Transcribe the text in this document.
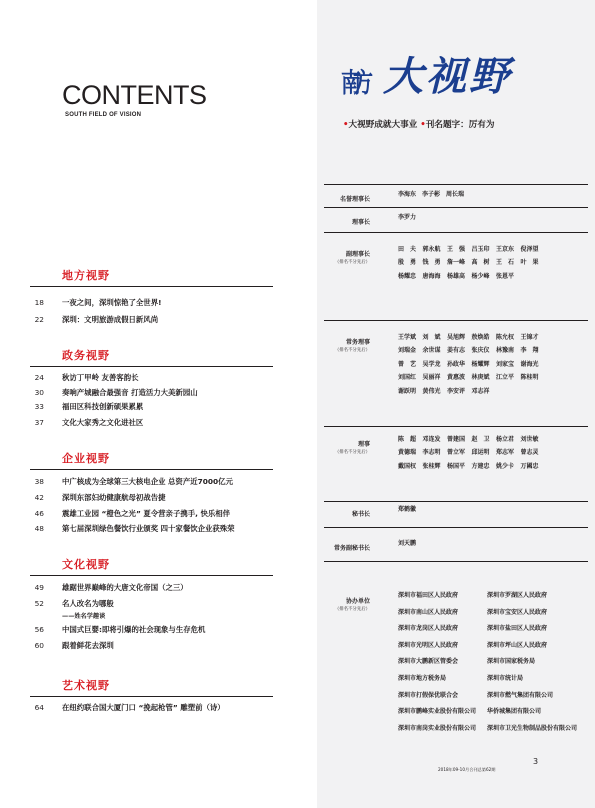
CONTENTS
SOUTH FIELD OF VISION
地方视野
18 一夜之间，深圳惊艳了全世界!
22 深圳：文明旅游成假日新风尚
政务视野
24 秋访丁甲岭 友善客韵长
30 奏响产城融合最强音 打造活力大美新园山
33 福田区科技创新硕果累累
37 文化大家秀之文化进社区
企业视野
38 中广核成为全球第三大核电企业 总资产近7000亿元
42 深圳东部妇幼健康航母初战告捷
46 震雄工业园 “橙色之光” 夏令营亲子携手, 快乐相伴
48 第七届深圳绿色餐饮行业颁奖 四十家餐饮企业获殊荣
文化视野
49 雄踞世界巅峰的大唐文化帝国（之三）
52 名人改名为哪般
——姓名学趣谈
56 中国式巨婴:即将引爆的社会现象与生存危机
60 跟着鲜花去深圳
艺术视野
64 在纽约联合国大厦门口 “挽起枪管” 雕塑前（诗）
南方 大视野
•大视野成就大事业 •刊名题字：厉有为
名誉理事长
李海东 李子彬 周长瑞
理事长
李罗力
副理事长
（排名不分先后）
田　夫	郭永航	王　强	吕玉印	王京东	倪泽望
殷　勇	钱　勇	詹一峰	高　树	王　石	叶　果
杨耀忠	唐海海	杨雄高	杨少峰	张恩平
常务理事
（排名不分先后）
王学斌	刘　斌	吴旭辉	敖焕皓	陈允权	王锦才
刘瑞金	余世谋	姜有志	张庆仪	林豫南	李　翔
曾　艺	吴学龙	孙政华	杨耀辉	刘家宝	谢海光
刘国红	吴丽祥	黄惠波	林庚斌	江立平	陈桂明
谢跃明	黄伟光	李安评	邓志祥
理事
（排名不分先后）
陈　超	邓连发	曾建国	赵　卫	杨立君	刘世敏
黄德瑞	李志明	曾立军	邱运明	郑志军	曾志灵
戴国权	张桂辉	杨国平	方建忠	姚少卡	万國忠
秘书长
郑鹤徽
常务副秘书长
刘天鹏
协办单位
（排名不分先后）
深圳市福田区人民政府	深圳市罗湖区人民政府
深圳市南山区人民政府	深圳市宝安区人民政府
深圳市龙岗区人民政府	深圳市盐田区人民政府
深圳市光明区人民政府	深圳市坪山区人民政府
深圳市大鹏新区管委会	深圳市国家税务局
深圳市地方税务局	深圳市统计局
深圳市打假保优联合会	深圳市燃气集团有限公司
深圳市鹏峰实业股份有限公司	华侨城集团有限公司
深圳市南岗实业股份有限公司	深圳市卫光生物制品股份有限公司
3
2018年09-10月合刊总第62期
